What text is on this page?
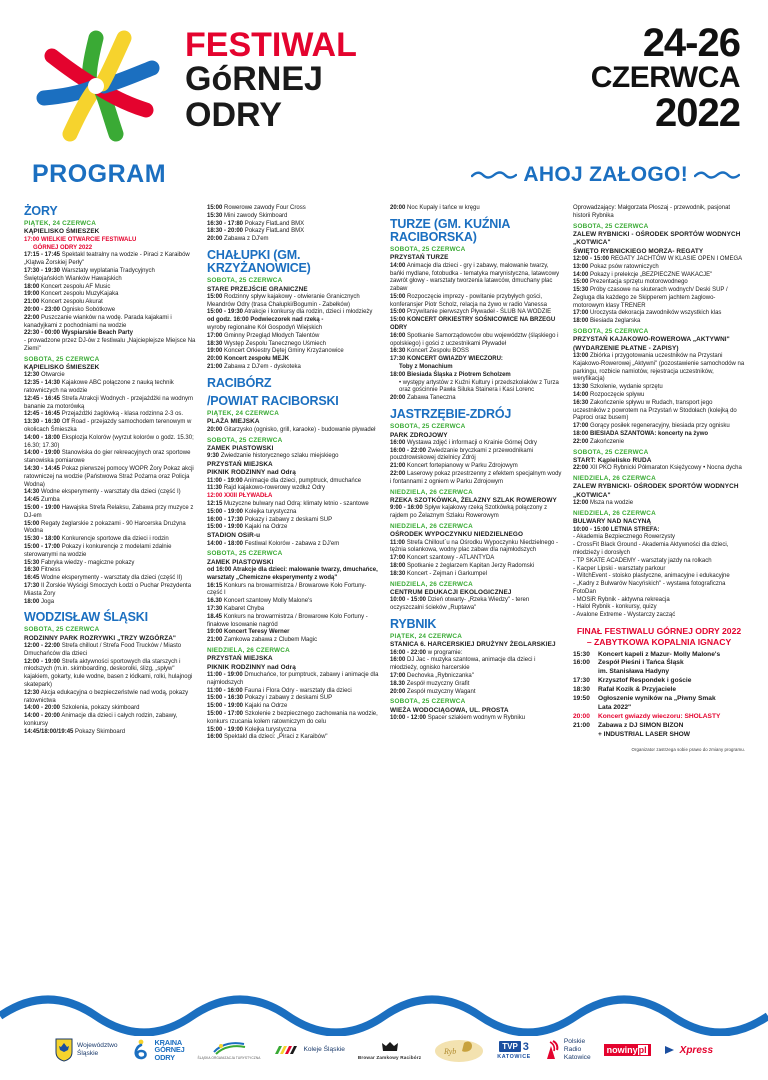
FESTIWAL
GóRNEJ
ODRY
24-26
CZERWCA
2022
PROGRAM	AHOJ ZAŁOGO!
ŻORY
PIĄTEK, 24 CZERWCA
KĄPIELISKO ŚMIESZEK
17:00 WIELKIE OTWARCIE FESTIWALU
GÓRNEJ ODRY 2022
17:15 - 17:45 Spektakl teatralny na wodzie - Piraci z Karaibów „Klątwa Żorskiej Perły"
17:30 - 19:30 Warsztaty wyplatania Tradycyjnych Świętojańskich Wianków Hawajskich
18:00 Koncert zespołu AF Music
19:00 Koncert zespołu MuzyKajaka
21:00 Koncert zespołu Akurat
20:00 - 23:00 Ognisko Sobótkowe
22:00 Puszczanie wianków na wodę. Parada kajakami i kanadyjkami z pochodniami na wodzie
22:30 - 00:00 Wyspiarskie Beach Party
- prowadzone przez DJ-ów z festiwalu „Najcieplejsze Miejsce Na Ziemi"
SOBOTA, 25 CZERWCA
KĄPIELISKO ŚMIESZEK
12:30 Otwarcie
12:35 - 14:30 Kajakowe ABC połączone z nauką technik ratowniczych na wodzie
12:45 - 16:45 Strefa Atrakcji Wodnych - przejażdżki na wodnym bananie za motorówką
12:45 - 16:45 Przejażdżki żaglówką - klasa rodzinna 2-3 os.
13:30 - 16:30 Off Road - przejazdy samochodem terenowym w okolicach Śmieszka
14:00 - 18:00 Eksplozja Kolorów (wyrzut kolorów o godz. 15.30; 16.30; 17.30)
14:00 - 19:00 Stanowiska do gier rekreacyjnych oraz sportowe stanowiska pomiarowe
14:30 - 14:45 Pokaz pierwszej pomocy WOPR Żory Pokaz akcji ratowniczej na wodzie (Państwowa Straż Pożarna oraz Policja Wodna)
14:30 Wodne eksperymenty - warsztaty dla dzieci (część I)
14:45 Zumba
15:00 - 19:00 Hawajska Strefa Relaksu, Zabawa przy muzyce z DJ-em
15:00 Regaty żeglarskie z pokazami - 90 Harcerska Drużyna Wodna
15:30 - 18:00 Konkurencje sportowe dla dzieci i rodzin
15:00 - 17:00 Pokazy i konkurencje z modelami zdalnie sterowanymi na wodzie
15:30 Fabryka wiedzy - magiczne pokazy
16:30 Fitness
16:45 Wodne eksperymenty - warsztaty dla dzieci (część II)
17:30 II Żorskie Wyścigi Smoczych Łodzi o Puchar Prezydenta Miasta Żory
18:00 Joga
WODZISŁAW ŚLĄSKI
SOBOTA, 25 CZERWCA
RODZINNY PARK ROZRYWKI „TRZY WZGÓRZA"
12:00 - 22:00 Strefa chillout / Strefa Food Trucków / Miasto Dmuchańców dla dzieci
12:00 - 19:00 Strefa aktywności sportowych dla starszych i młodszych (m.in. skimboarding, deskorolki, ślizg, „spływ" kajakiem, gokarty, kule wodne, basen z łódkami, rolki, hulajnogi skatepark)
12:30 Akcja edukacyjna o bezpieczeństwie nad wodą, pokazy ratownictwa
14:00 - 20:00 Szkolenia, pokazy skimboard
14:00 - 20:00 Animacje dla dzieci i całych rodzin, zabawy, konkursy
14:45/18:00/19:45 Pokazy Skimboard
15:00 Rowerowe zawody Four Cross
15:30 Mini zawody Skimboard
16:30 - 17:80 Pokazy FlatLand BMX
18:30 - 20:00 Pokazy FlatLand BMX
20:00 Zabawa z DJ'em
CHAŁUPKI (GM. KRZYŻANOWICE)
SOBOTA, 25 CZERWCA
STARE PRZEJŚCIE GRANICZNE
15:00 Rodzinny spływ kajakowy - otwieranie Granicznych Meandrów Odry (trasa Chałupki/Bogumin - Zabełków)
15:00 - 19:30 Atrakcje i konkursy dla rodzin, dzieci i młodzieży
od godz. 16:00 Podwieczorek nad rzeką -
wyroby regionalne Kół Gospodyń Wiejskich
17:00 Gminny Przegląd Młodych Talentów
18:30 Występ Zespołu Tanecznego Uśmiech
19:00 Koncert Orkiestry Dętej Gminy Krzyżanowice
20:00 Koncert zespołu MEJK
21:00 Zabawa z DJ'em - dyskoteka
RACIBÓRZ
/POWIAT RACIBORSKI
PIĄTEK, 24 CZERWCA
PLAŻA MIEJSKA
20:00 Gitarzysko (ognisko, grill, karaoke) - budowanie pływadeł
SOBOTA, 25 CZERWCA
ZAMEK PIASTOWSKI
9:30 Zwiedzanie historycznego szlaku miejskiego
PRZYSTAŃ MIEJSKA
PIKNIK RODZINNY nad Odrą
11:00 - 19:00 Animacje dla dzieci, pumptruck, dmuchańce
11:30 Rajd kajakowo-rowerowy wzdłuż Odry
12:00 XXIII PŁYWADŁA
12:15 Muzyczne bulwary nad Odrą: klimaty letnio - szantowe
15:00 - 19:00 Kolejka turystyczna
16:00 - 17:30 Pokazy i zabawy z deskami SUP
15:00 - 19:00 Kajaki na Odrze
STADION OSiR-u
14:00 - 18:00 Festiwal Kolorów - zabawa z DJ'em
SOBOTA, 25 CZERWCA
ZAMEK PIASTOWSKI
od 16:00 Atrakcje dla dzieci: malowanie twarzy, dmuchańce, warsztaty „Chemiczne eksperymenty z wodą"
16:15 Konkurs na browarmistrza / Browarowe Koło Fortuny- część I
16.30 Koncert szantowy Molly Malone's
17:30 Kabaret Chyba
18.45 Konkurs na browarmistrza / Browarowe Koło Fortuny - finałowe losowanie nagród
19:00 Koncert Teresy Werner
21:00 Zamkowa zabawa z Clubem Magic
NIEDZIELA, 26 CZERWCA
PRZYSTAŃ MIEJSKA
PIKNIK RODZINNY nad Odrą
11:00 - 19:00 Dmuchańce, tor pumptruck, zabawy i animacje dla najmłodszych
11:00 - 16:00 Fauna i Flora Odry - warsztaty dla dzieci
15:00 - 16:30 Pokazy i zabawy z deskami SUP
15:00 - 19:00 Kajaki na Odrze
15:00 - 17:00 Szkolenie z bezpiecznego zachowania na wodzie, konkurs rzucania kołem ratowniczym do celu
15:00 - 19:00 Kolejka turystyczna
16:00 Spektakl dla dzieci: „Piraci z Karaibów"
20:00 Noc Kupały i tańce w kręgu
TURZE (GM. KUŹNIA RACIBORSKA)
SOBOTA, 25 CZERWCA
PRZYSTAŃ TURZE
14:00 Animacje dla dzieci - gry i zabawy, malowanie twarzy, bańki mydlane, fotobudka - tematyka marynistyczna, latawcowy zawrót głowy - warsztaty tworzenia latawców, dmuchany plac zabaw
15:00 Rozpoczęcie imprezy - powitanie przybyłych gości, konferansjer Piotr Scholz, relacja na żywo w radio Vanessa
15:00 Przywitanie pierwszych Pływadeł - ŚLUB NA WODZIE
15:00 KONCERT ORKIESTRY SOŚNICOWICE NA BRZEGU ODRY
16:00 Spotkanie Samorządowców obu województw (śląskiego i opolskiego) i gości z uczestnikami Pływadeł
16:30 Koncert Zespołu BOSS
17:30 KONCERT GWIAZDY WIECZORU:
Toby z Monachium
18:00 Biesiada Śląska z Piotrem Scholzem
• występy artystów z Kuźni Kultury i przedszkolaków z Turza oraz gościnnie Pawła Siluka Stainera i Kasi Lorenc
20:00 Zabawa Taneczna
JASTRZĘBIE-ZDRÓJ
SOBOTA, 25 CZERWCA
PARK ZDROJOWY
16:00 Wystawa zdjęć i informacji o Krainie Górnej Odry
16:00 - 22:00 Zwiedzanie bryczkami z przewodnikami pouzdrowiskowej dzielnicy Zdrój
21:00 Koncert fortepianowy w Parku Zdrojowym
22:00 Laserowy pokaz przestrzenny z efektem specjalnym wody i fontannami z ogniem w Parku Zdrojowym
NIEDZIELA, 26 CZERWCA
RZEKA SZOTKÓWKA, ŻELAZNY SZLAK ROWEROWY
9:00 - 16:00 Spływ kajakowy rzeką Szotkówką połączony z rajdem po Żelaznym Szlaku Rowerowym
NIEDZIELA, 26 CZERWCA
OŚRODEK WYPOCZYNKU NIEDZIELNEGO
11:00 Strefa Chillout`u na Ośrodku Wypoczynku Niedzielnego - tężnia solankowa, wodny plac zabaw dla najmłodszych
17:00 Koncert szantowy - ATLANTYDA
18:00 Spotkanie z żeglarzem Kapitan Jerzy Radomski
18:30 Koncert - Zejman i Garkumpel
NIEDZIELA, 26 CZERWCA
CENTRUM EDUKACJI EKOLOGICZNEJ
10:00 - 15:00 Dzień otwarty- „Rzeka Wiedzy" - teren oczyszczalni ścieków „Ruptawa"
RYBNIK
PIĄTEK, 24 CZERWCA
STANICA 6. HARCERSKIEJ DRUŻYNY ŻEGLARSKIEJ
16:00 - 22:00 w programie:
16:00 DJ Jac - muzyka szantowa, animacje dla dzieci i młodzieży, ognisko harcerskie
17:00 Dechovka „Rybniczanka"
18.30 Zespół muzyczny Grafit
20:00 Zespół muzyczny Wagant
SOBOTA, 25 CZERWCA
WIEŻA WODOCIĄGOWA, UL. PROSTA
10:00 - 12:00 Spacer szlakiem wodnym w Rybniku
Oprowadzający: Małgorzata Płoszaj - przewodnik, pasjonat historii Rybnika
SOBOTA, 25 CZERWCA
ZALEW RYBNICKI - OŚRODEK SPORTÓW WODNYCH „KOTWICA"
ŚWIĘTO RYBNICKIEGO MORZA- REGATY
12:00 - 15:00 REGATY JACHTÓW W KLASIE OPEN I OMEGA
13:00 Pokaz psów ratowniczych
14:00 Pokazy i prelekcje „BEZPIECZNE WAKACJE"
15:00 Prezentacja sprzętu motorowodnego
15:30 Próby czasowe na skuterach wodnych/ Deski SUP / Żegluga dla każdego ze Skipperem jachtem żaglowo-motorowym klasy TRENER
17:00 Uroczysta dekoracja zawodników wszystkich klas
18:00 Biesiada żeglarska
SOBOTA, 25 CZERWCA
PRZYSTAŃ KAJAKOWO-ROWEROWA „AKTYWNI" (WYDARZENIE PŁATNE - ZAPISY)
13:00 Zbiórka i przygotowania uczestników na Przystani Kajakowo-Rowerowej „Aktywni" (pozostawienie samochodów na parkingu, rozbicie namiotów, rejestracja uczestników, weryfikacja)
13:30 Szkolenie, wydanie sprzętu
14:00 Rozpoczęcie spływu
16:30 Zakończenie spływu w Rudach, transport jego uczestników z powrotem na Przystań w Stodołach (kolejką do Paproci oraz busem)
17:00 Gorący posiłek regeneracyjny, biesiada przy ognisku
18:00 BIESIADA SZANTOWA: koncerty na żywo
22:00 Zakończenie
SOBOTA, 25 CZERWCA
START: Kąpielisko RUDA
22:00 XII PKO Rybnicki Półmaraton Księżycowy • Nocna dycha
NIEDZIELA, 26 CZERWCA
ZALEW RYBNICKI- OŚRODEK SPORTÓW WODNYCH „KOTWICA"
12:00 Msza na wodzie
NIEDZIELA, 26 CZERWCA
BULWARY NAD NACYNĄ
10:00 - 15:00 LETNIA STREFA:
- Akademia Bezpiecznego Rowerzysty
- CrossFit Black Ground - Akademia Aktywności dla dzieci, młodzieży i dorosłych
- TP SKATE ACADEMY - warsztaty jazdy na rolkach
- Kacper Lipski - warsztaty parkour
- WitchEvent - stoisko plastyczne, animacyjne i edukacyjne
- „Kadry z Bulwarów Nacyńskich" - wystawa fotograficzna FotoDan
- MOSiR Rybnik - aktywna rekreacja
- Halol Rybnik - konkursy, quizy
- Avalone Extreme - Wystarczy zacząć
FINAŁ FESTIWALU GÓRNEJ ODRY 2022
– ZABYTKOWA KOPALNIA IGNACY
15:30	Koncert kapeli z Mazur- Molly Malone's
16:00	Zespół Pieśni i Tańca Śląsk
im. Stanisława Hadyny
17:30	Krzysztof Respondek i goście
18:30	Rafał Kozik & Przyjaciele
19:50	Ogłoszenie wyników na „Piwny Smak
Lata 2022"
20:00	Koncert gwiazdy wieczoru: SHOLASTY
21:00	Zabawa z DJ SIMON BIZON
+ INDUSTRIAL LASER SHOW
Organizator zastrzega sobie prawo do zmiany programu.
Województwo
Śląskie
KRAINA
GÓRNEJ
ODRY	ŚLĄSKA ORGANIZACJA TURYSTYCZNA
Koleje Śląskie
Browar Zamkowy Racibórz
Ryb
TVP 3
KATOWICE
Polskie
Radio
Katowice
nowinypl	Xpress
